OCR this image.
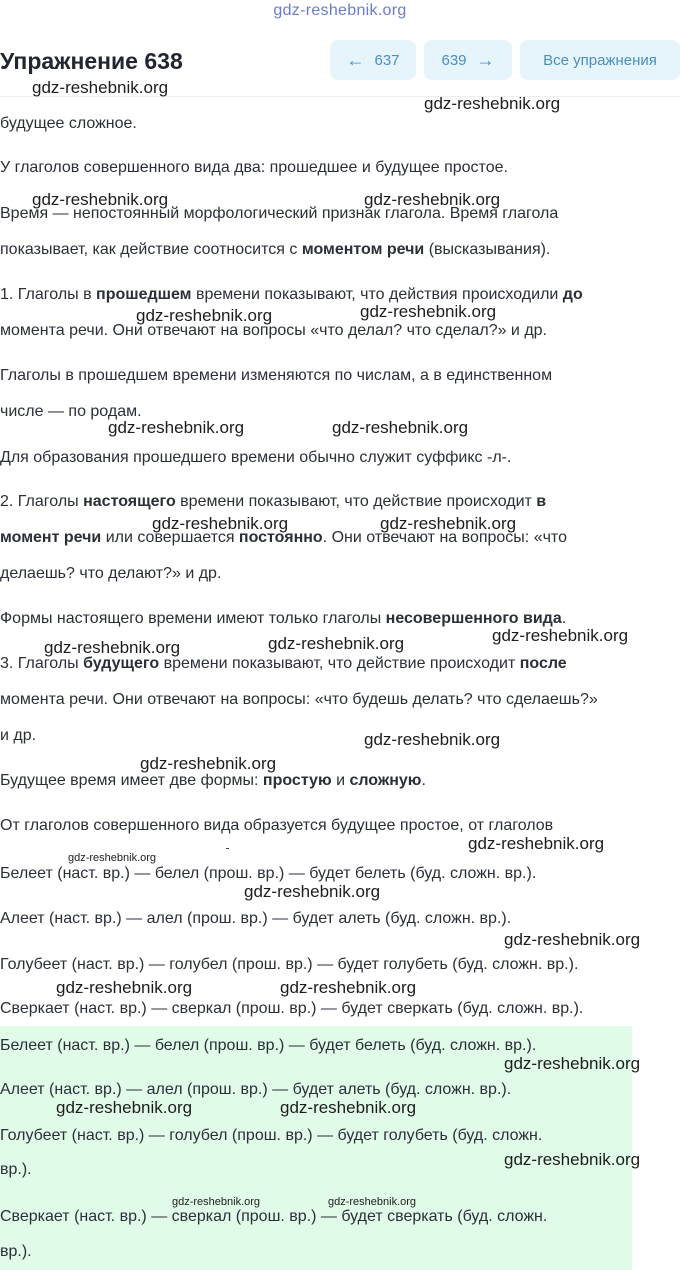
gdz-reshebnik.org
Упражнение 638	← 637	639 →	Все упражнения
будущее сложное.
У глаголов совершенного вида два: прошедшее и будущее простое.
Время — непостоянный морфологический признак глагола. Время глагола
показывает, как действие соотносится с моментом речи (высказывания).
1. Глаголы в прошедшем времени показывают, что действия происходили до
момента речи. Они отвечают на вопросы «что делал? что сделал?» и др.
Глаголы в прошедшем времени изменяются по числам, а в единственном
числе — по родам.
Для образования прошедшего времени обычно служит суффикс -л-.
2. Глаголы настоящего времени показывают, что действие происходит в
момент речи или совершается постоянно. Они отвечают на вопросы: «что
делаешь? что делают?» и др.
Формы настоящего времени имеют только глаголы несовершенного вида.
3. Глаголы будущего времени показывают, что действие происходит после
момента речи. Они отвечают на вопросы: «что будешь делать? что сделаешь?»
и др.
Будущее время имеет две формы: простую и сложную.
От глаголов совершенного вида образуется будущее простое, от глаголов
Белеет (наст. вр.) — белел (прош. вр.) — будет белеть (буд. сложн. вр.).
Алеет (наст. вр.) — алел (прош. вр.) — будет алеть (буд. сложн. вр.).
Голубеет (наст. вр.) — голубел (прош. вр.) — будет голубеть (буд. сложн. вр.).
Сверкает (наст. вр.) — сверкал (прош. вр.) — будет сверкать (буд. сложн. вр.).
Белеет (наст. вр.) — белел (прош. вр.) — будет белеть (буд. сложн. вр.).
Алеет (наст. вр.) — алел (прош. вр.) — будет алеть (буд. сложн. вр.).
Голубеет (наст. вр.) — голубел (прош. вр.) — будет голубеть (буд. сложн.
вр.).
Сверкает (наст. вр.) — сверкал (прош. вр.) — будет сверкать (буд. сложн.
вр.).
gdz-reshebnik.org
gdz-reshebnik.org
gdz-reshebnik.org	gdz-reshebnik.org
gdz-reshebnik.org
gdz-reshebnik.org
gdz-reshebnik.org	gdz-reshebnik.org
gdz-reshebnik.org	gdz-reshebnik.org
gdz-reshebnik.org
gdz-reshebnik.org
gdz-reshebnik.org
gdz-reshebnik.org
gdz-reshebnik.org
gdz-reshebnik.org
gdz-reshebnik.org
gdz-reshebnik.org
gdz-reshebnik.org
gdz-reshebnik.org	gdz-reshebnik.org
gdz-reshebnik.org
gdz-reshebnik.org	gdz-reshebnik.org
gdz-reshebnik.org
gdz-reshebnik.org	gdz-reshebnik.org
